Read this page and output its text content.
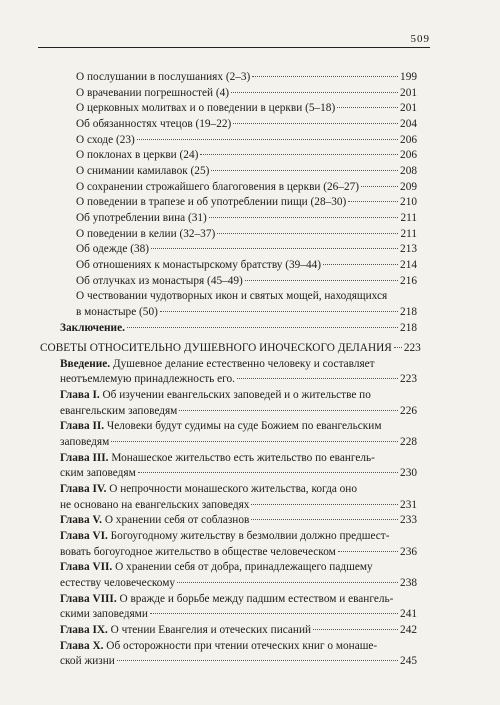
509
О послушании в послушаниях (2–3)	199
О врачевании погрешностей (4)	201
О церковных молитвах и о поведении в церкви (5–18)	201
Об обязанностях чтецов (19–22)	204
О сходе (23)	206
О поклонах в церкви (24)	206
О снимании камилавок (25)	208
О сохранении строжайшего благоговения в церкви (26–27)	209
О поведении в трапезе и об употреблении пищи (28–30)	210
Об употреблении вина (31)	211
О поведении в келии (32–37)	211
Об одежде (38)	213
Об отношениях к монастырскому братству (39–44)	214
Об отлучках из монастыря (45–49)	216
О чествовании чудотворных икон и святых мощей, находящихся
в монастыре (50)	218
Заключение.	218
СОВЕТЫ ОТНОСИТЕЛЬНО ДУШЕВНОГО ИНОЧЕСКОГО ДЕЛАНИЯ 223
Введение. Душевное делание естественно человеку и составляет
неотъемлемую принадлежность его.	223
Глава I. Об изучении евангельских заповедей и о жительстве по
евангельским заповедям	226
Глава II. Человеки будут судимы на суде Божием по евангельским
заповедям	228
Глава III. Монашеское жительство есть жительство по евангель-
ским заповедям	230
Глава IV. О непрочности монашеского жительства, когда оно
не основано на евангельских заповедях	231
Глава V. О хранении себя от соблазнов	233
Глава VI. Богоугодному жительству в безмолвии должно предшест-
вовать богоугодное жительство в обществе человеческом	236
Глава VII. О хранении себя от добра, принадлежащего падшему
естеству человеческому	238
Глава VIII. О вражде и борьбе между падшим естеством и евангель-
скими заповедями	241
Глава IX. О чтении Евангелия и отеческих писаний	242
Глава X. Об осторожности при чтении отеческих книг о монаше-
ской жизни	245
